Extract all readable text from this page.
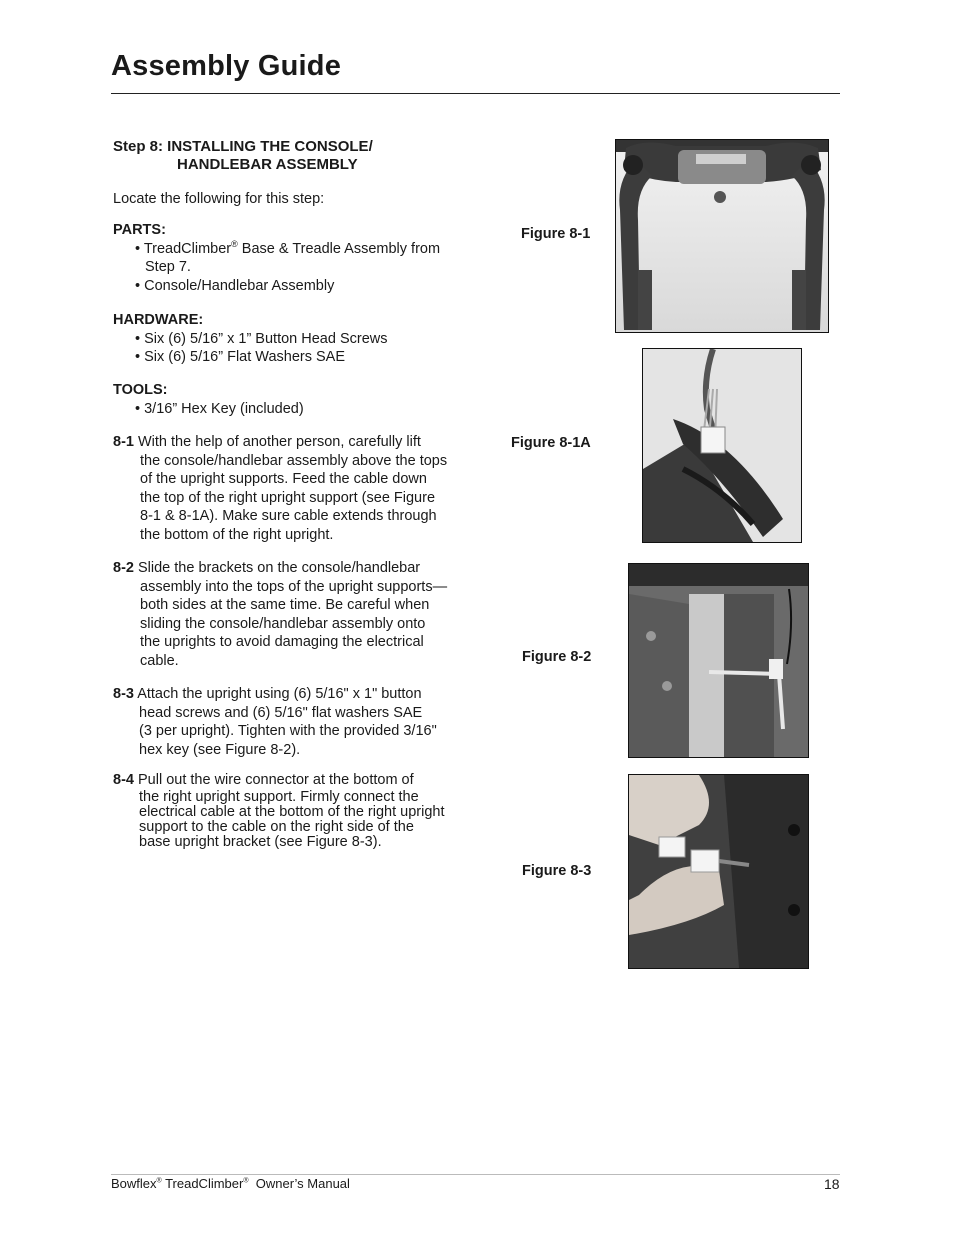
Assembly Guide
Step 8: INSTALLING THE CONSOLE/
HANDLEBAR ASSEMBLY
Locate the following for this step:
PARTS:
• TreadClimber® Base & Treadle Assembly from
Step 7.
• Console/Handlebar Assembly
HARDWARE:
• Six (6) 5/16” x 1” Button Head Screws
• Six (6) 5/16” Flat Washers SAE
TOOLS:
• 3/16” Hex Key (included)
8-1 With the help of another person, carefully lift
the console/handlebar assembly above the tops
of the upright supports. Feed the cable down
the top of the right upright support (see Figure
8-1 & 8-1A). Make sure cable extends through
the bottom of the right upright.
8-2 Slide the brackets on the console/handlebar
assembly into the tops of the upright supports—
both sides at the same time. Be careful when
sliding the console/handlebar assembly onto
the uprights to avoid damaging the electrical
cable.
8-3 Attach the upright using (6) 5/16" x 1" button
head screws and (6) 5/16" flat washers SAE
(3 per upright). Tighten with the provided 3/16"
hex key (see Figure 8-2).
8-4 Pull out the wire connector at the bottom of
the right upright support. Firmly connect the
electrical cable at the bottom of the right upright
support to the cable on the right side of the
base upright bracket (see Figure 8-3).
Figure 8-1
Figure 8-1A
Figure 8-2
Figure 8-3
Bowflex® TreadClimber®  Owner’s Manual	18
